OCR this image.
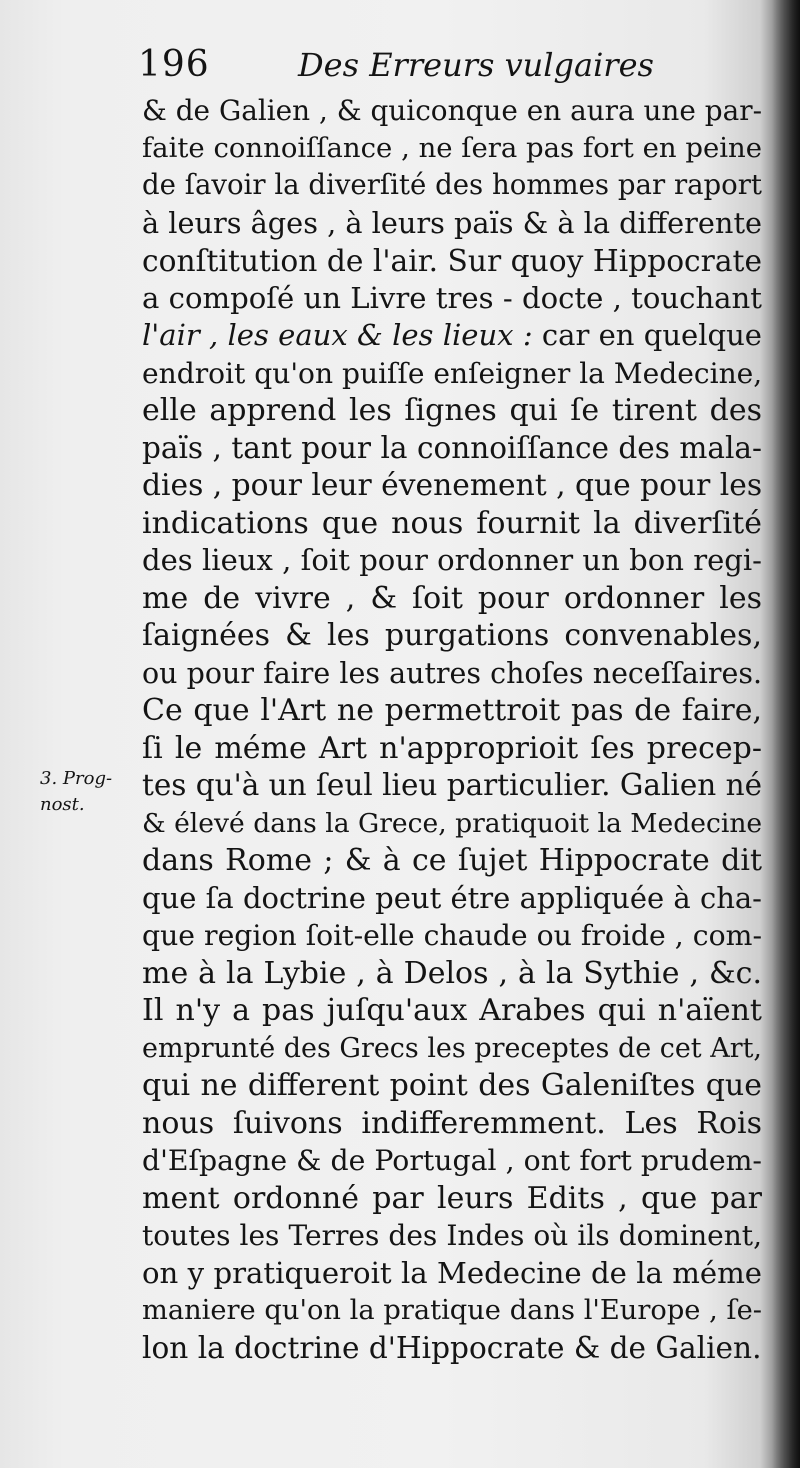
196	Des Erreurs vulgaires
3. Prog-
nost.
& de Galien , & quiconque en aura une par-
faite connoiſſance , ne ſera pas fort en peine
de ſavoir la diverſité des hommes par raport
à leurs âges , à leurs païs & à la differente
conſtitution de l'air. Sur quoy Hippocrate
a compoſé un Livre tres - docte , touchant
l'air , les eaux & les lieux : car en quelque
endroit qu'on puiſſe enſeigner la Medecine,
elle apprend les ſignes qui ſe tirent des
païs , tant pour la connoiſſance des mala-
dies , pour leur évenement , que pour les
indications que nous fournit la diverſité
des lieux , ſoit pour ordonner un bon regi-
me de vivre , & ſoit pour ordonner les
ſaignées & les purgations convenables,
ou pour faire les autres choſes neceſſaires.
Ce que l'Art ne permettroit pas de faire,
ſi le méme Art n'approprioit ſes precep-
tes qu'à un ſeul lieu particulier. Galien né
& élevé dans la Grece, pratiquoit la Medecine
dans Rome ; & à ce ſujet Hippocrate dit
que ſa doctrine peut étre appliquée à cha-
que region ſoit-elle chaude ou froide , com-
me à la Lybie , à Delos , à la Sythie , &c.
Il n'y a pas juſqu'aux Arabes qui n'aïent
emprunté des Grecs les preceptes de cet Art,
qui ne different point des Galeniſtes que
nous ſuivons indifferemment. Les Rois
d'Eſpagne & de Portugal , ont fort prudem-
ment ordonné par leurs Edits , que par
toutes les Terres des Indes où ils dominent,
on y pratiqueroit la Medecine de la méme
maniere qu'on la pratique dans l'Europe , ſe-
lon la doctrine d'Hippocrate & de Galien.
